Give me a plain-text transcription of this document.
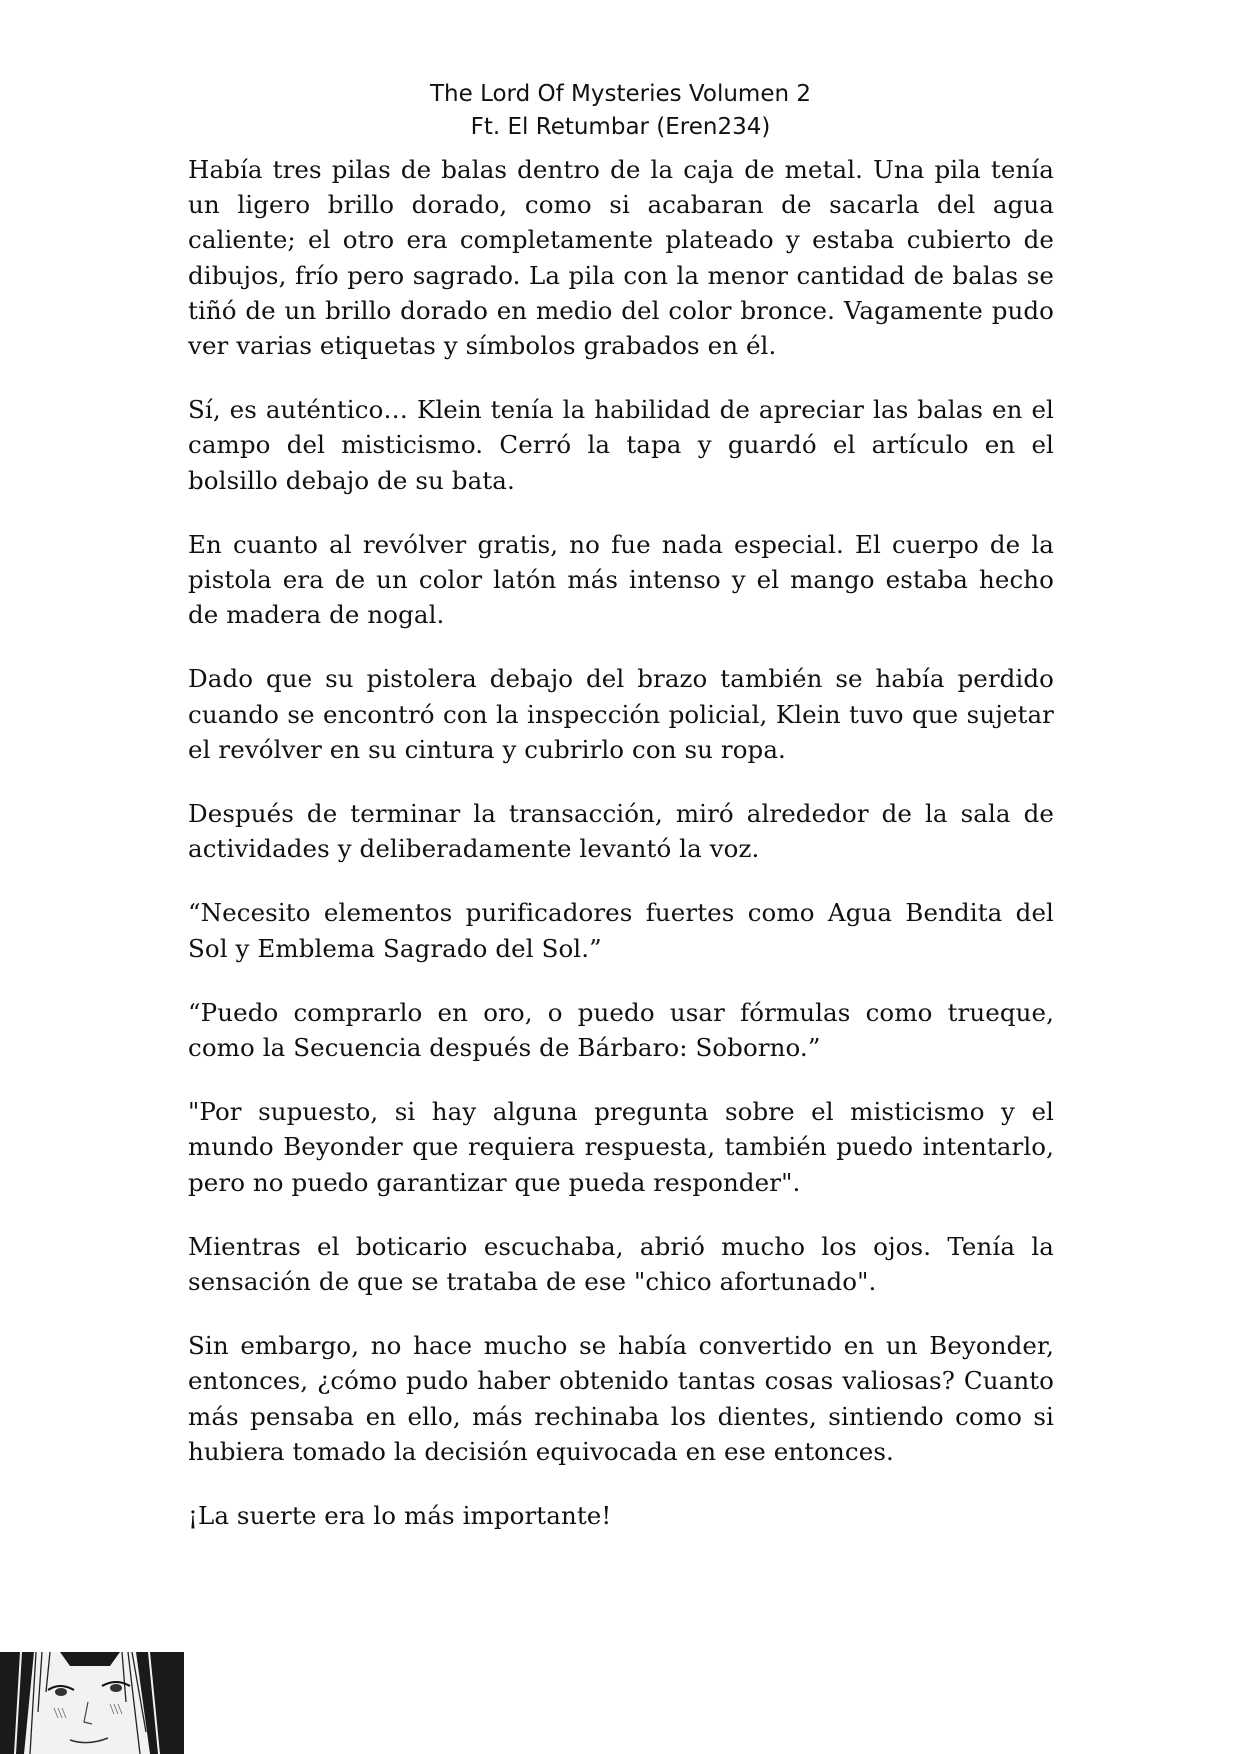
The Lord Of Mysteries Volumen 2
Ft. El Retumbar (Eren234)

Había tres pilas de balas dentro de la caja de metal. Una pila tenía un ligero brillo dorado, como si acabaran de sacarla del agua caliente; el otro era completamente plateado y estaba cubierto de dibujos, frío pero sagrado. La pila con la menor cantidad de balas se tiñó de un brillo dorado en medio del color bronce. Vagamente pudo ver varias etiquetas y símbolos grabados en él.

Sí, es auténtico… Klein tenía la habilidad de apreciar las balas en el campo del misticismo. Cerró la tapa y guardó el artículo en el bolsillo debajo de su bata.

En cuanto al revólver gratis, no fue nada especial. El cuerpo de la pistola era de un color latón más intenso y el mango estaba hecho de madera de nogal.

Dado que su pistolera debajo del brazo también se había perdido cuando se encontró con la inspección policial, Klein tuvo que sujetar el revólver en su cintura y cubrirlo con su ropa.

Después de terminar la transacción, miró alrededor de la sala de actividades y deliberadamente levantó la voz.

“Necesito elementos purificadores fuertes como Agua Bendita del Sol y Emblema Sagrado del Sol.”

“Puedo comprarlo en oro, o puedo usar fórmulas como trueque, como la Secuencia después de Bárbaro: Soborno.”

"Por supuesto, si hay alguna pregunta sobre el misticismo y el mundo Beyonder que requiera respuesta, también puedo intentarlo, pero no puedo garantizar que pueda responder".

Mientras el boticario escuchaba, abrió mucho los ojos. Tenía la sensación de que se trataba de ese "chico afortunado".

Sin embargo, no hace mucho se había convertido en un Beyonder, entonces, ¿cómo pudo haber obtenido tantas cosas valiosas? Cuanto más pensaba en ello, más rechinaba los dientes, sintiendo como si hubiera tomado la decisión equivocada en ese entonces.

¡La suerte era lo más importante!
